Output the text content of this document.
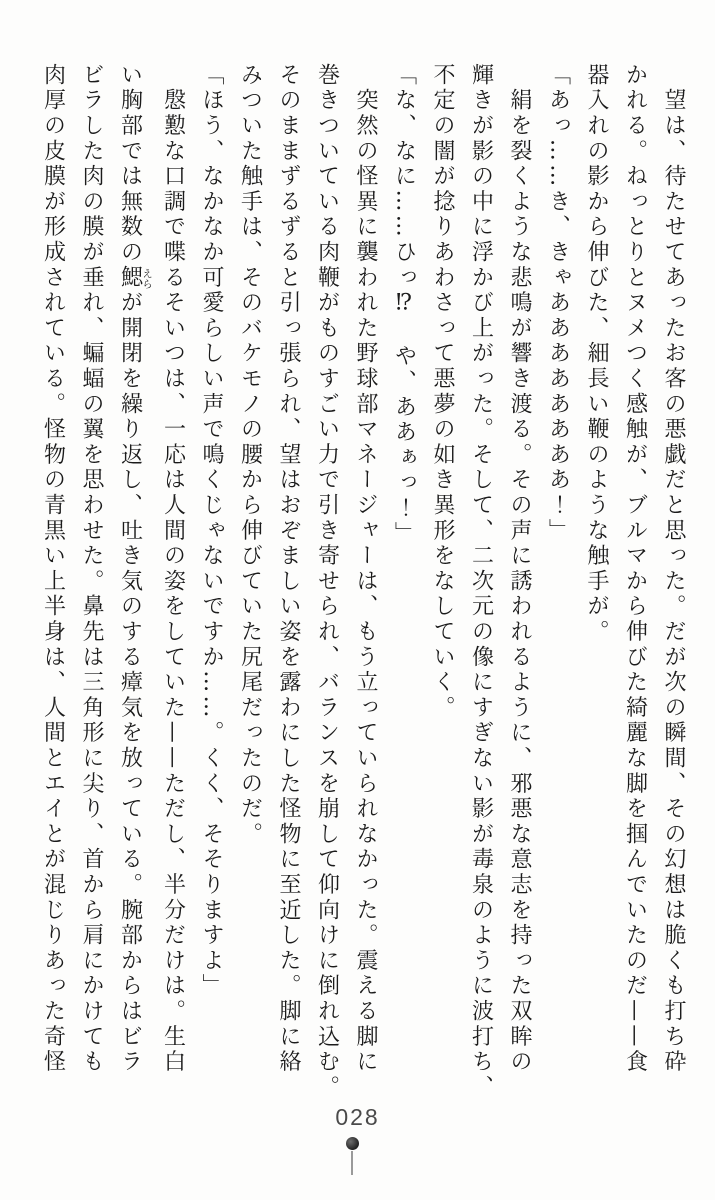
　望は、待たせてあったお客の悪戯だと思った。だが次の瞬間、その幻想は脆くも打ち砕

かれる。ねっとりとヌメつく感触が、ブルマから伸びた綺麗な脚を掴んでいたのだ——食

器入れの影から伸びた、細長い鞭のような触手が。

「あっ……き、きゃああああああああ！」

　絹を裂くような悲鳴が響き渡る。その声に誘われるように、邪悪な意志を持った双眸の

輝きが影の中に浮かび上がった。そして、二次元の像にすぎない影が毒泉のように波打ち、

不定の闇が捻りあわさって悪夢の如き異形をなしていく。

「な、なに……ひっ⁉　や、ああぁっ！」

　突然の怪異に襲われた野球部マネージャーは、もう立っていられなかった。震える脚に

巻きついている肉鞭がものすごい力で引き寄せられ、バランスを崩して仰向けに倒れ込む。

そのままずるずると引っ張られ、望はおぞましい姿を露わにした怪物に至近した。脚に絡

みついた触手は、そのバケモノの腰から伸びていた尻尾だったのだ。

「ほう、なかなか可愛らしい声で鳴くじゃないですか……。くく、そそりますよ」

　慇懃な口調で喋るそいつは、一応は人間の姿をしていた——ただし、半分だけは。生白

い胸部では無数の鰓えらが開閉を繰り返し、吐き気のする瘴気を放っている。腕部からはビラ

ビラした肉の膜が垂れ、蝙蝠の翼を思わせた。鼻先は三角形に尖り、首から肩にかけても

肉厚の皮膜が形成されている。怪物の青黒い上半身は、人間とエイとが混じりあった奇怪

028
